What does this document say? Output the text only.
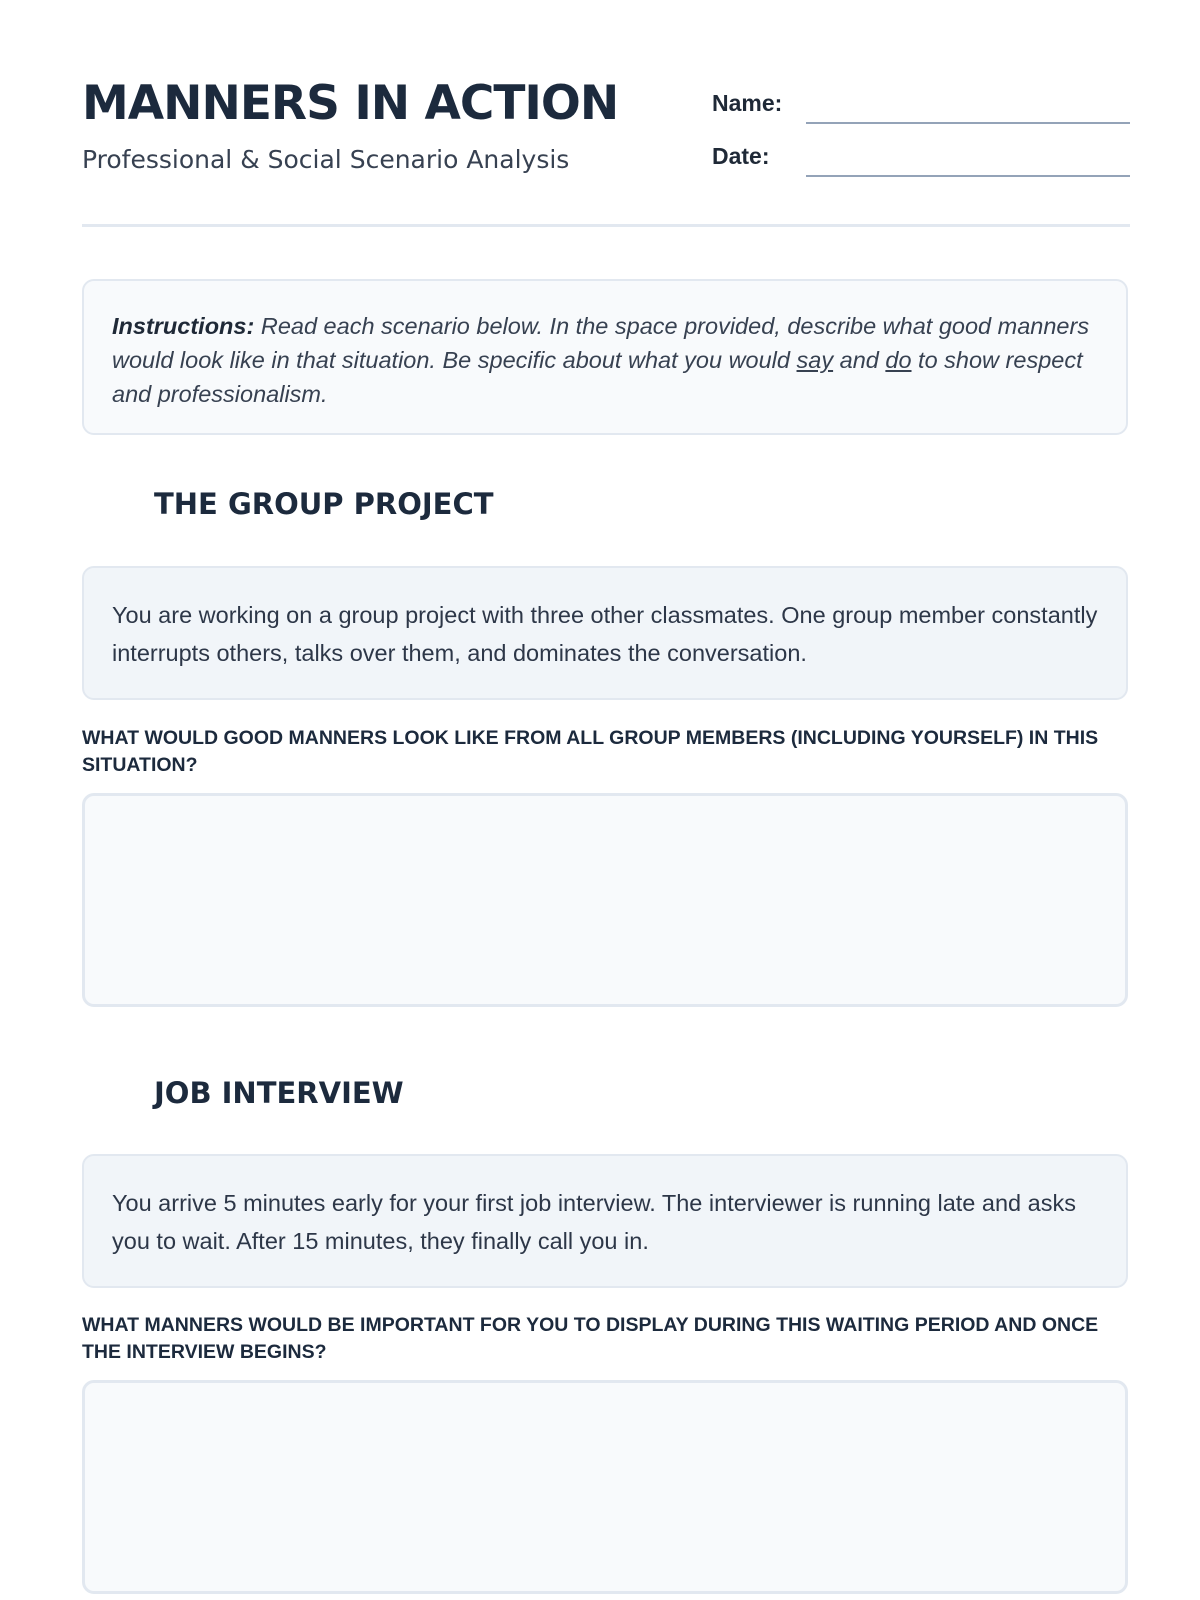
MANNERS IN ACTION

Professional & Social Scenario Analysis

Name:
Date:
Instructions: Read each scenario below. In the space provided, describe what good manners would look like in that situation. Be specific about what you would say and do to show respect and professionalism.
THE GROUP PROJECT
You are working on a group project with three other classmates. One group member constantly interrupts others, talks over them, and dominates the conversation.

WHAT WOULD GOOD MANNERS LOOK LIKE FROM ALL GROUP MEMBERS (INCLUDING YOURSELF) IN THIS SITUATION?

JOB INTERVIEW
You arrive 5 minutes early for your first job interview. The interviewer is running late and asks you to wait. After 15 minutes, they finally call you in.

WHAT MANNERS WOULD BE IMPORTANT FOR YOU TO DISPLAY DURING THIS WAITING PERIOD AND ONCE THE INTERVIEW BEGINS?
